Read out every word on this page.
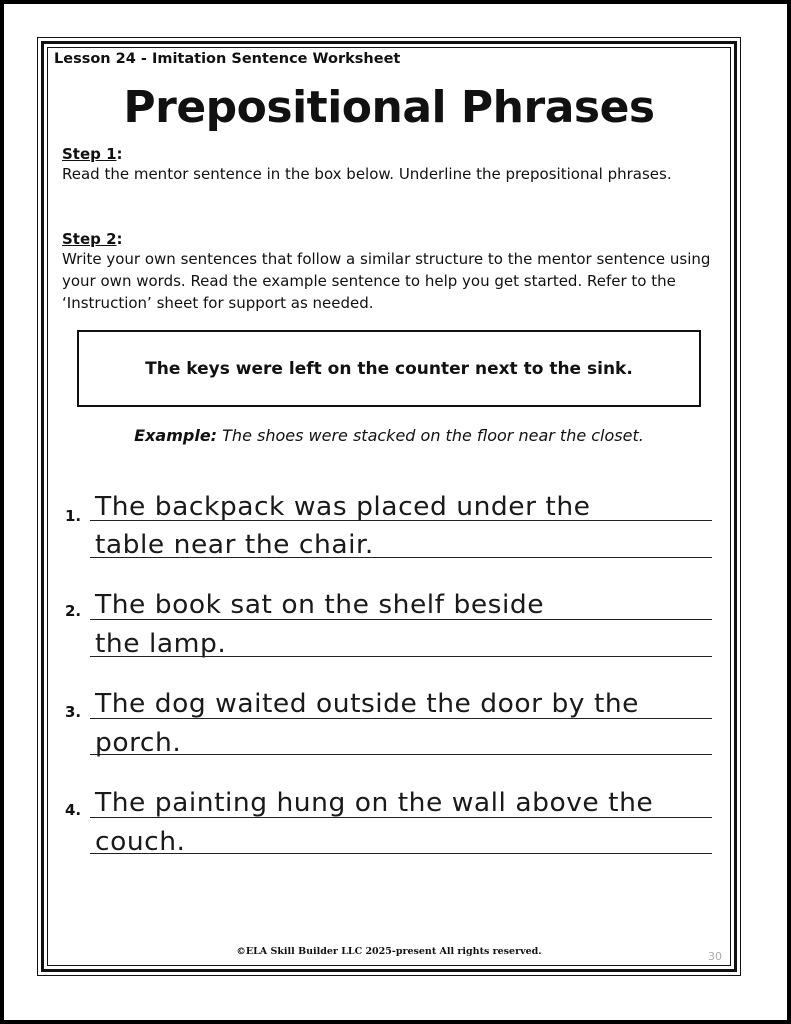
Lesson 24 - Imitation Sentence Worksheet
Prepositional Phrases
Step 1:
Read the mentor sentence in the box below. Underline the prepositional phrases.
Step 2:
Write your own sentences that follow a similar structure to the mentor sentence using your own words. Read the example sentence to help you get started. Refer to the ‘Instruction’ sheet for support as needed.
The keys were left on the counter next to the sink.
Example: The shoes were stacked on the floor near the closet.
1. The backpack was placed under the
table near the chair.
2. The book sat on the shelf beside
the lamp.
3. The dog waited outside the door by the
porch.
4. The painting hung on the wall above the
couch.
©ELA Skill Builder LLC 2025-present All rights reserved.	30
